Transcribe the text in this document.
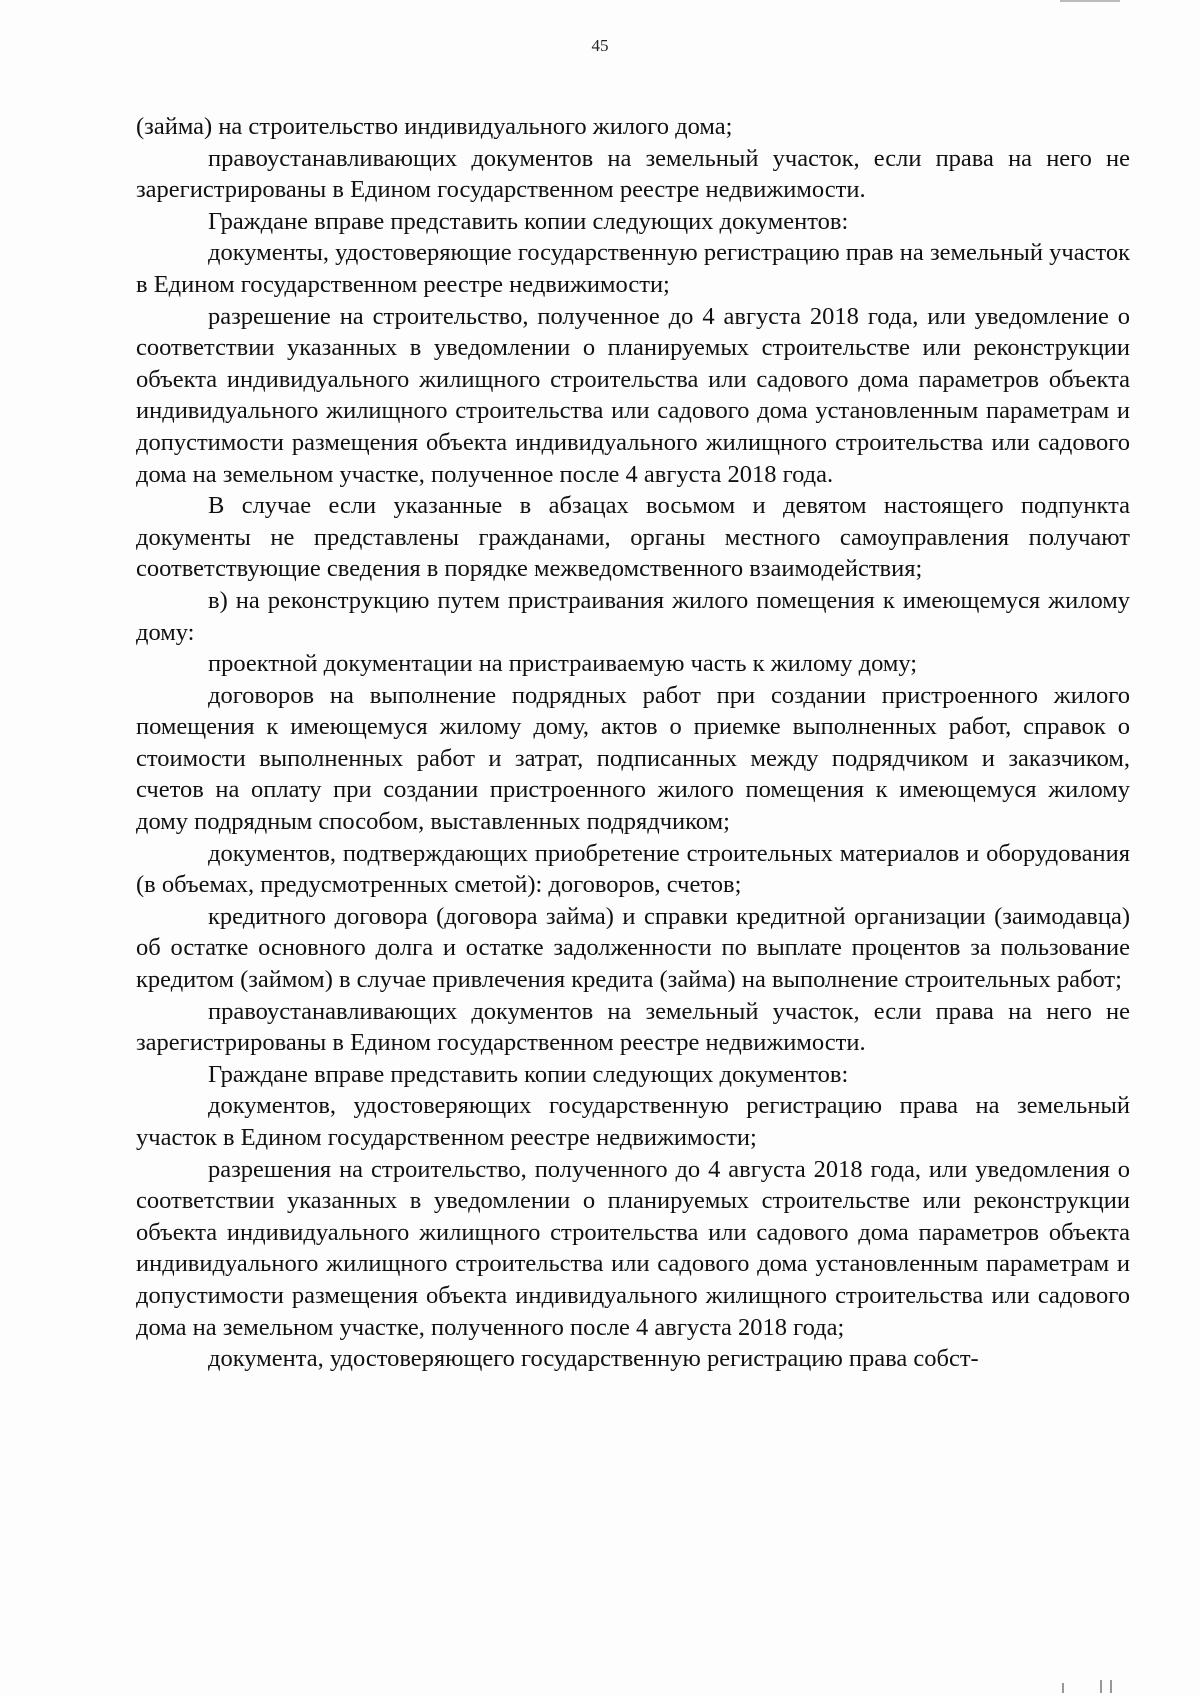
45

(займа) на строительство индивидуального жилого дома;

правоустанавливающих документов на земельный участок, если права на него не зарегистрированы в Едином государственном реестре недвижимости.

Граждане вправе представить копии следующих документов:

документы, удостоверяющие государственную регистрацию прав на земельный участок в Едином государственном реестре недвижимости;

разрешение на строительство, полученное до 4 августа 2018 года, или уведомление о соответствии указанных в уведомлении о планируемых строительстве или реконструкции объекта индивидуального жилищного строительства или садового дома параметров объекта индивидуального жилищного строительства или садового дома установленным параметрам и допустимости размещения объекта индивидуального жилищного строительства или садового дома на земельном участке, полученное после 4 августа 2018 года.

В случае если указанные в абзацах восьмом и девятом настоящего подпункта документы не представлены гражданами, органы местного самоуправления получают соответствующие сведения в порядке межведомственного взаимодействия;

в) на реконструкцию путем пристраивания жилого помещения к имеющемуся жилому дому:

проектной документации на пристраиваемую часть к жилому дому;

договоров на выполнение подрядных работ при создании пристроенного жилого помещения к имеющемуся жилому дому, актов о приемке выполненных работ, справок о стоимости выполненных работ и затрат, подписанных между подрядчиком и заказчиком, счетов на оплату при создании пристроенного жилого помещения к имеющемуся жилому дому подрядным способом, выставленных подрядчиком;

документов, подтверждающих приобретение строительных материалов и оборудования (в объемах, предусмотренных сметой): договоров, счетов;

кредитного договора (договора займа) и справки кредитной организации (заимодавца) об остатке основного долга и остатке задолженности по выплате процентов за пользование кредитом (займом) в случае привлечения кредита (займа) на выполнение строительных работ;

правоустанавливающих документов на земельный участок, если права на него не зарегистрированы в Едином государственном реестре недвижимости.

Граждане вправе представить копии следующих документов:

документов, удостоверяющих государственную регистрацию права на земельный участок в Едином государственном реестре недвижимости;

разрешения на строительство, полученного до 4 августа 2018 года, или уведомления о соответствии указанных в уведомлении о планируемых строительстве или реконструкции объекта индивидуального жилищного строительства или садового дома параметров объекта индивидуального жилищного строительства или садового дома установленным параметрам и допустимости размещения объекта индивидуального жилищного строительства или садового дома на земельном участке, полученного после 4 августа 2018 года;

документа, удостоверяющего государственную регистрацию права собст-
